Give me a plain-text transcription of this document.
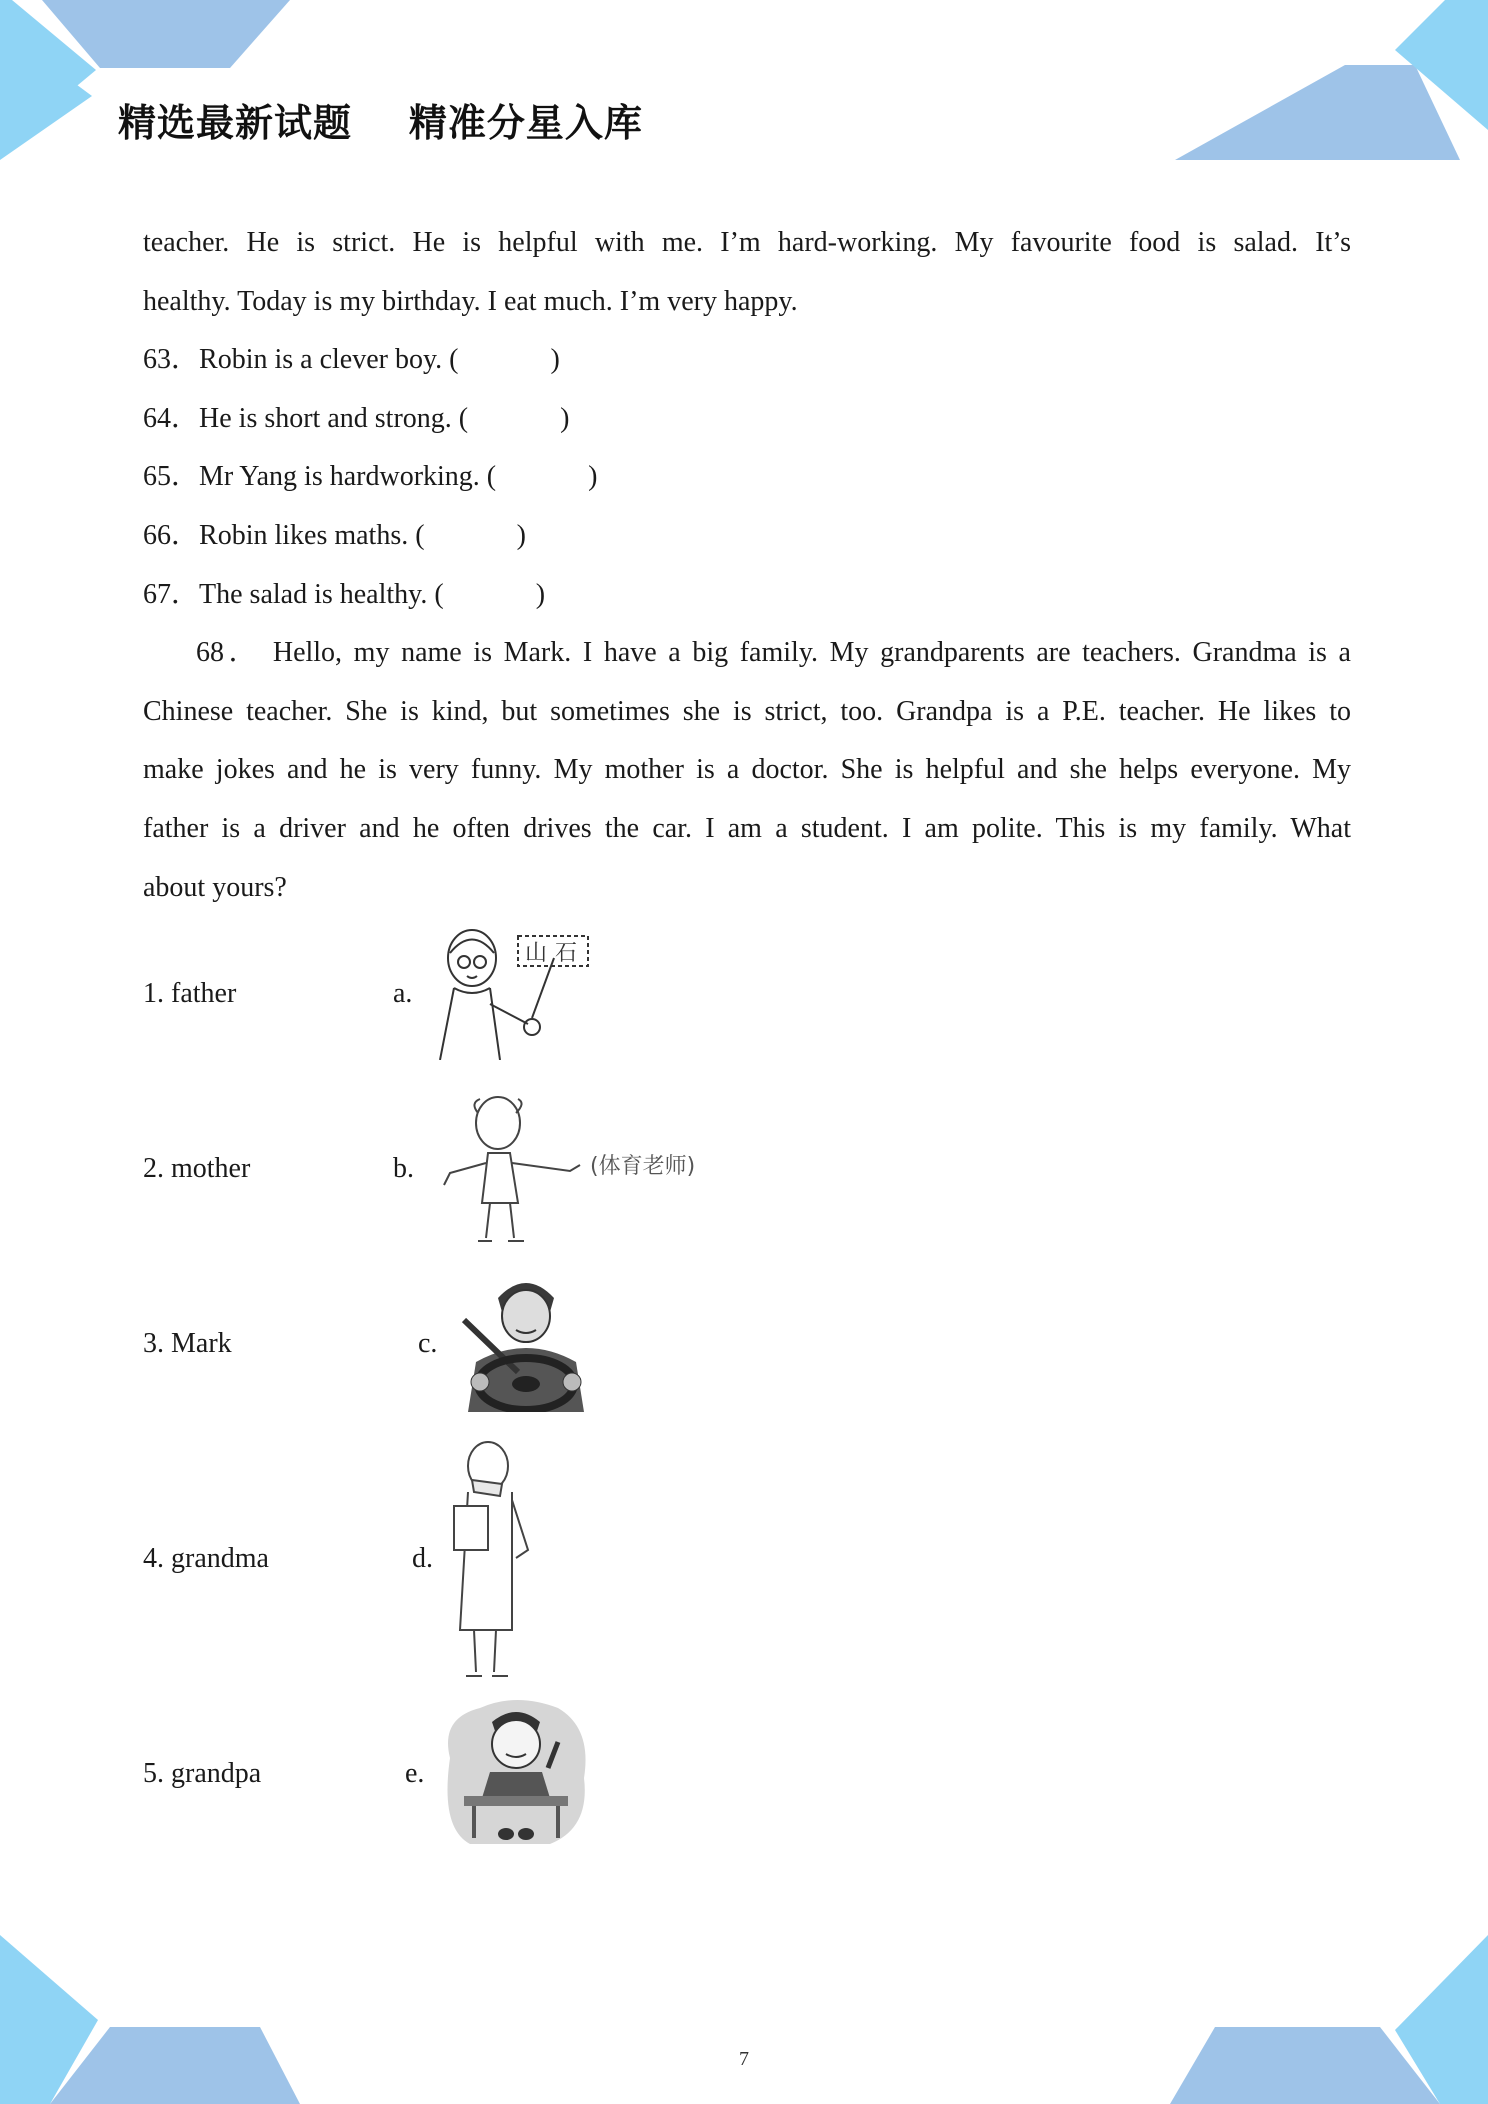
精选最新试题    精准分星入库
teacher. He is strict. He is helpful with me. I’m hard-working. My favourite food is salad. It’s
healthy. Today is my birthday. I eat much. I’m very happy.
63．Robin is a clever boy. (	)
64．He is short and strong. (	)
65．Mr Yang is hardworking. (	)
66．Robin likes maths. (	)
67．The salad is healthy. (	)
68． Hello, my name is Mark. I have a big family. My grandparents are teachers. Grandma is a
Chinese teacher. She is kind, but sometimes she is strict, too. Grandpa is a P.E. teacher. He likes to
make jokes and he is very funny. My mother is a doctor. She is helpful and she helps everyone. My
father is a driver and he often drives the car. I am a student. I am polite. This is my family. What
about yours?
1. father	a.
2. mother	b.
3. Mark	c.
4. grandma	d.
5. grandpa	e.
山 石
(体育老师)
7
